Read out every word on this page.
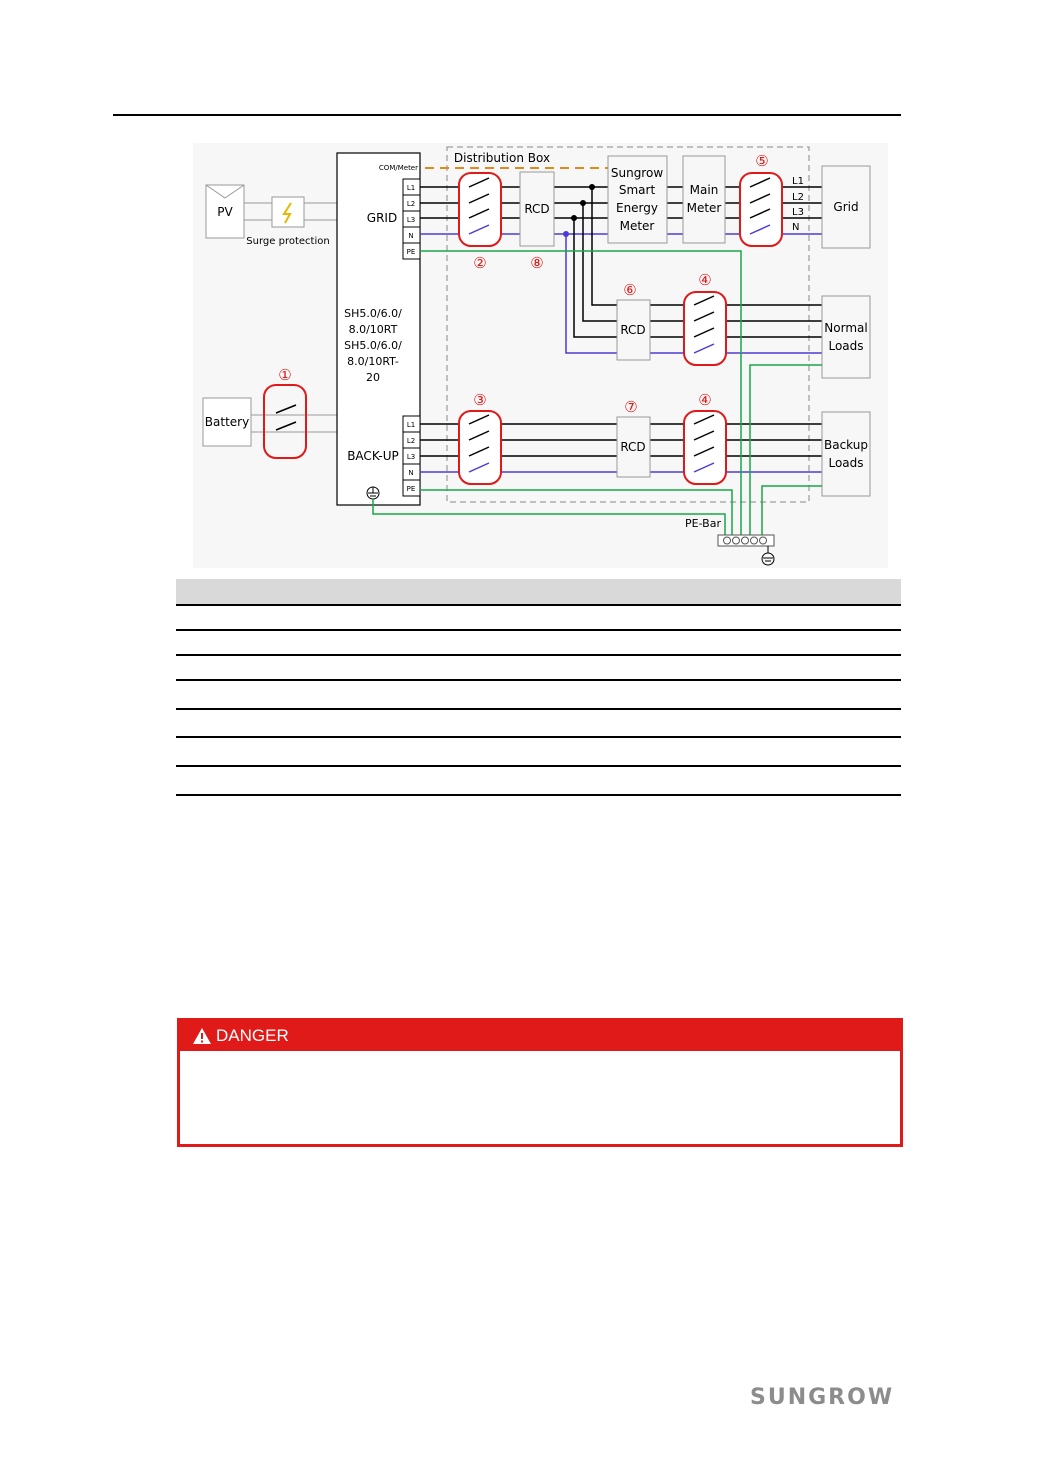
PV
Surge protection
Battery
①
COM/Meter
GRID
SH5.0/6.0/
8.0/10RT
SH5.0/6.0/
8.0/10RT-
20
BACK-UP
L1
L2
L3
N
PE
L1
L2
L3
N
PE
Distribution Box
②
RCD
⑧
Sungrow
Smart
Energy
Meter
Main
Meter
⑤
L1
L2
L3
N
Grid
RCD
⑥
④
Normal
Loads
③
RCD
⑦	④
Backup
Loads
PE-Bar
DANGER
SUNGROW
